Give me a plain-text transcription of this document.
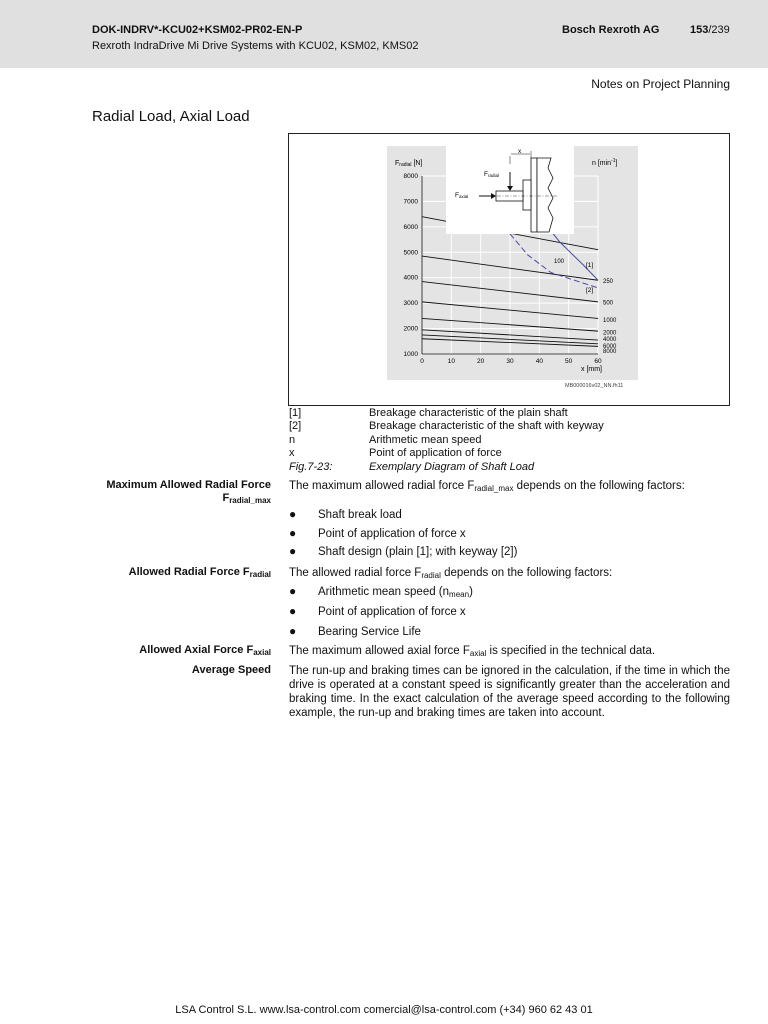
DOK-INDRV*-KCU02+KSM02-PR02-EN-P
Rexroth IndraDrive Mi Drive Systems with KCU02, KSM02, KMS02
Bosch Rexroth AG	153/239
Notes on Project Planning
Radial Load, Axial Load
100
250
500
1000
2000
4000
6000
8000
0	10	20	30	40	50	60
1000
2000
3000
4000
5000
6000
7000
8000
Fradial [N]	n $[\min^{-1}]$
x [mm]
MB000016v02_NN.fh11
x
Fradial
Faxial
[1]
[2]
[1]	Breakage characteristic of the plain shaft
[2]	Breakage characteristic of the shaft with keyway
n	Arithmetic mean speed
x	Point of application of force
Fig.7-23:	Exemplary Diagram of Shaft Load
Maximum Allowed Radial Force
$F_{radial\_max}$
The maximum allowed radial force $F_{radial\_max}$ depends on the following factors:
● Shaft break load
● Point of application of force x
● Shaft design (plain [1]; with keyway [2])
Allowed Radial Force $F_{radial}$ The allowed radial force $F_{radial}$ depends on the following factors:
● Arithmetic mean speed $(n_{mean})$
● Point of application of force x
● Bearing Service Life
Allowed Axial Force $F_{axial}$ The maximum allowed axial force $F_{axial}$ is specified in the technical data.
Average Speed The run-up and braking times can be ignored in the calculation, if the time in which the drive is operated at a constant speed is significantly greater than the acceleration and braking time. In the exact calculation of the average speed according to the following example, the run-up and braking times are taken into account.
LSA Control S.L. www.lsa-control.com comercial@lsa-control.com (+34) 960 62 43 01
